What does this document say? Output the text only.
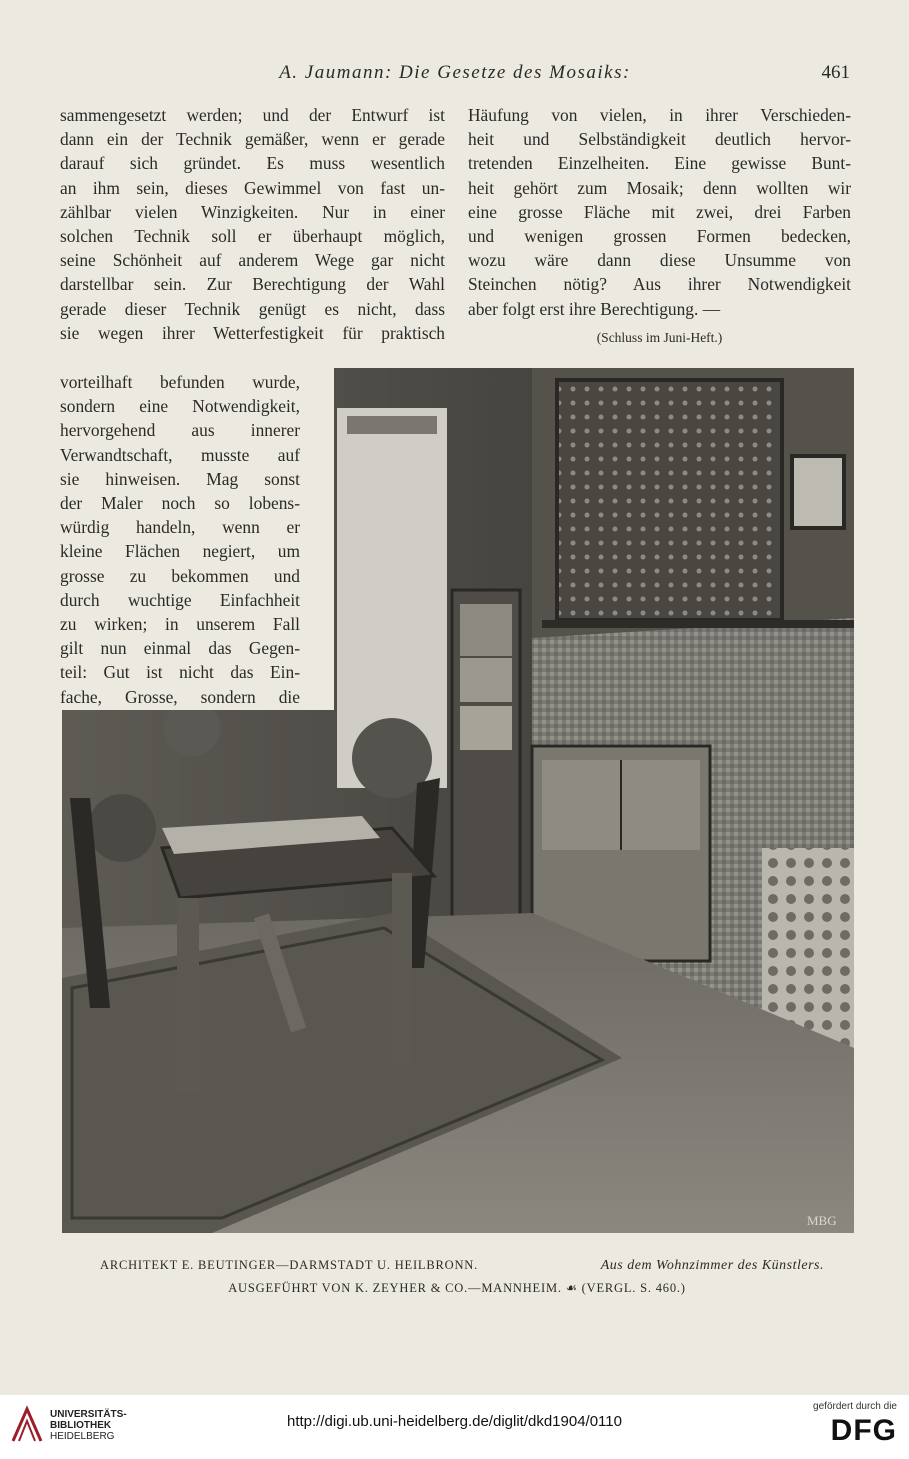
A. Jaumann: Die Gesetze des Mosaiks:	461
sammengesetzt werden; und der Entwurf ist
dann ein der Technik gemäßer, wenn er gerade
darauf sich gründet. Es muss wesentlich
an ihm sein, dieses Gewimmel von fast un-
zählbar vielen Winzigkeiten. Nur in einer
solchen Technik soll er überhaupt möglich,
seine Schönheit auf anderem Wege gar nicht
darstellbar sein. Zur Berechtigung der Wahl
gerade dieser Technik genügt es nicht, dass
sie wegen ihrer Wetterfestigkeit für praktisch
vorteilhaft befunden wurde,
sondern eine Notwendigkeit,
hervorgehend aus innerer
Verwandtschaft, musste auf
sie hinweisen. Mag sonst
der Maler noch so lobens-
würdig handeln, wenn er
kleine Flächen negiert, um
grosse zu bekommen und
durch wuchtige Einfachheit
zu wirken; in unserem Fall
gilt nun einmal das Gegen-
teil: Gut ist nicht das Ein-
fache, Grosse, sondern die
Häufung von vielen, in ihrer Verschieden-
heit und Selbständigkeit deutlich hervor-
tretenden Einzelheiten. Eine gewisse Bunt-
heit gehört zum Mosaik; denn wollten wir
eine grosse Fläche mit zwei, drei Farben
und wenigen grossen Formen bedecken,
wozu wäre dann diese Unsumme von
Steinchen nötig? Aus ihrer Notwendigkeit
aber folgt erst ihre Berechtigung. —
(Schluss im Juni-Heft.)
MBG
ARCHITEKT E. BEUTINGER—DARMSTADT U. HEILBRONN.	Aus dem Wohnzimmer des Künstlers.
AUSGEFÜHRT VON K. ZEYHER & CO.—MANNHEIM. ☙ (VERGL. S. 460.)
UNIVERSITÄTS-
BIBLIOTHEK
HEIDELBERG
http://digi.ub.uni-heidelberg.de/diglit/dkd1904/0110
gefördert durch die
DFG
